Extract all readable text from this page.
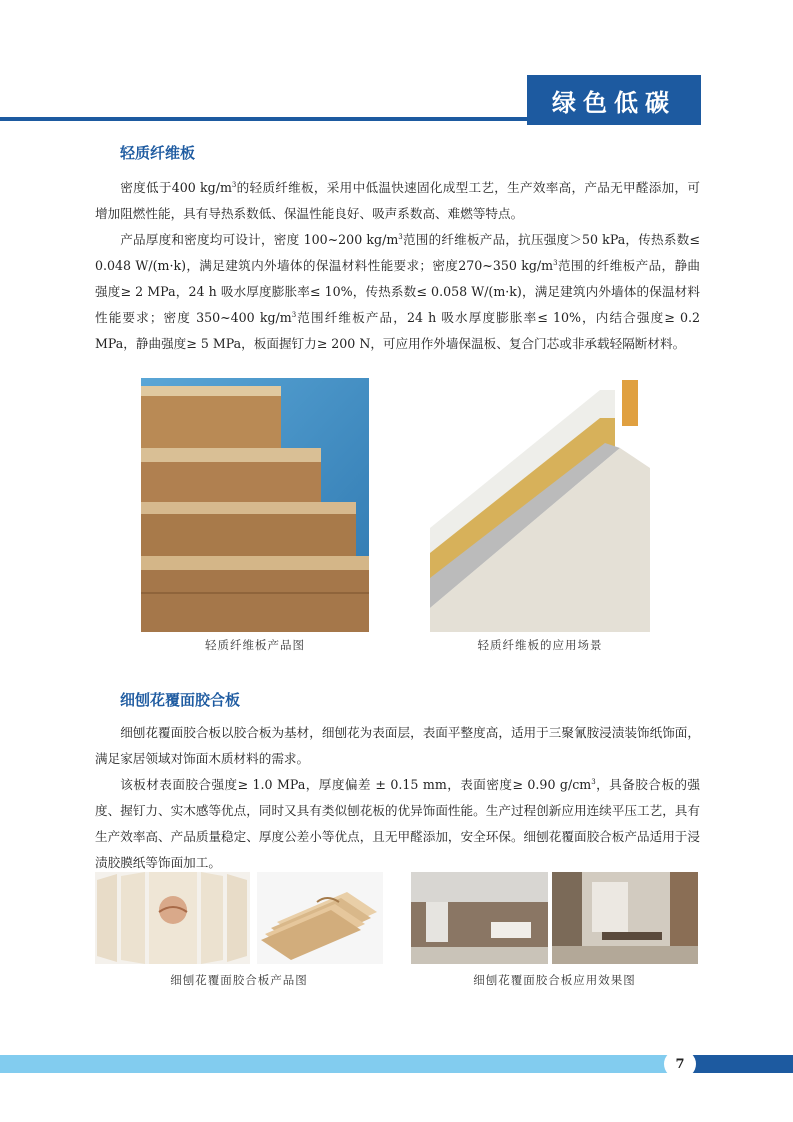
绿色低碳
轻质纤维板

密度低于400 $kg/m^3$的轻质纤维板，采用中低温快速固化成型工艺，生产效率高，产品无甲醛添加，可增加阻燃性能，具有导热系数低、保温性能良好、吸声系数高、难燃等特点。

产品厚度和密度均可设计，密度 100~200 $kg/m^3$范围的纤维板产品，抗压强度＞50 kPa，传热系数≤ 0.048 W/(m·k)，满足建筑内外墙体的保温材料性能要求；密度270~350 $kg/m^3$范围的纤维板产品，静曲强度≥ 2 MPa，24 h 吸水厚度膨胀率≤ 10%，传热系数≤ 0.058 W/(m·k)，满足建筑内外墙体的保温材料性能要求；密度 350~400 $kg/m^3$范围纤维板产品，24 h 吸水厚度膨胀率≤ 10%，内结合强度≥ 0.2 MPa，静曲强度≥ 5 MPa，板面握钉力≥ 200 N，可应用作外墙保温板、复合门芯或非承载轻隔断材料。

轻质纤维板产品图	轻质纤维板的应用场景
细刨花覆面胶合板

细刨花覆面胶合板以胶合板为基材，细刨花为表面层，表面平整度高，适用于三聚氰胺浸渍装饰纸饰面，满足家居领域对饰面木质材料的需求。

该板材表面胶合强度≥ 1.0 MPa，厚度偏差 ± 0.15 mm，表面密度≥ 0.90 $g/cm^3$，具备胶合板的强度、握钉力、实木感等优点，同时又具有类似刨花板的优异饰面性能。生产过程创新应用连续平压工艺，具有生产效率高、产品质量稳定、厚度公差小等优点，且无甲醛添加，安全环保。细刨花覆面胶合板产品适用于浸渍胶膜纸等饰面加工。

细刨花覆面胶合板产品图	细刨花覆面胶合板应用效果图
7
